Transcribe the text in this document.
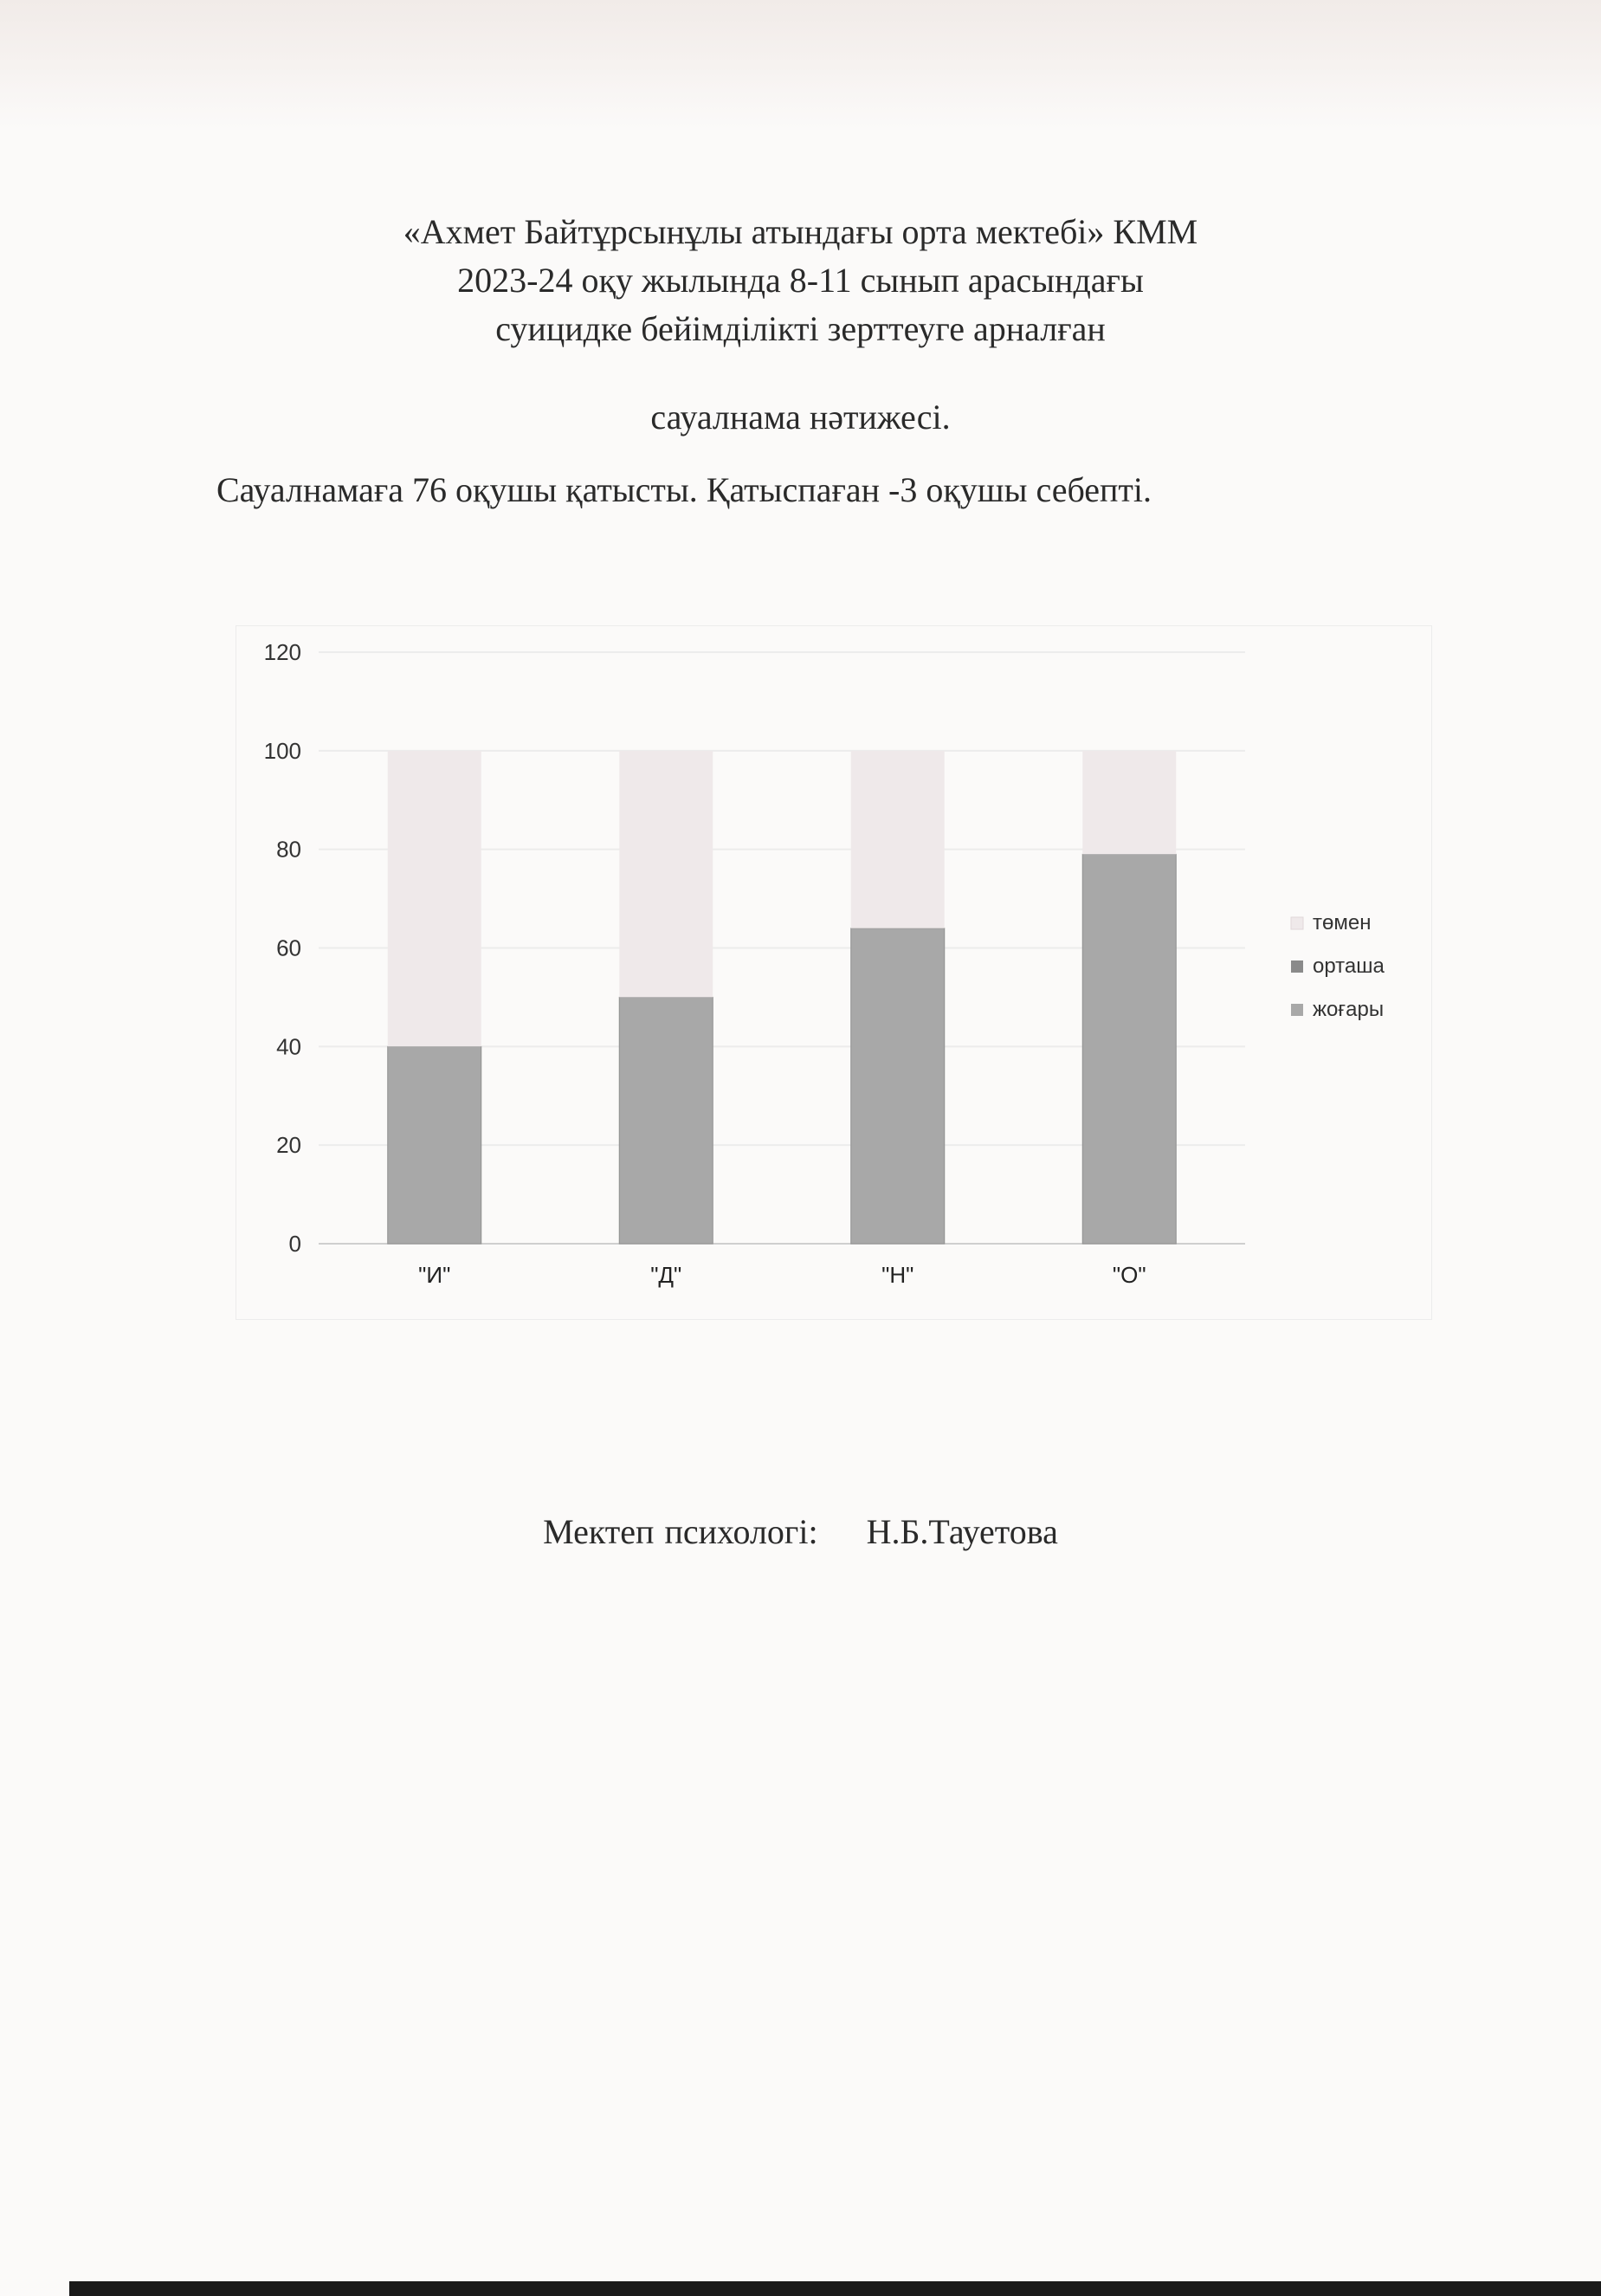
«Ахмет Байтұрсынұлы атындағы орта мектебі» КММ
2023-24 оқу жылында 8-11 сынып арасындағы
суицидке бейімділікті зерттеуге арналған
сауалнама нәтижесі.
Сауалнамаға 76 оқушы қатысты. Қатыспаған -3 оқушы себепті.
0
20
40
60
80
100
120
"И"	"Д"	"Н"	"О"
төмен
орташа
жоғары
Мектеп психологі: Н.Б.Тауетова
